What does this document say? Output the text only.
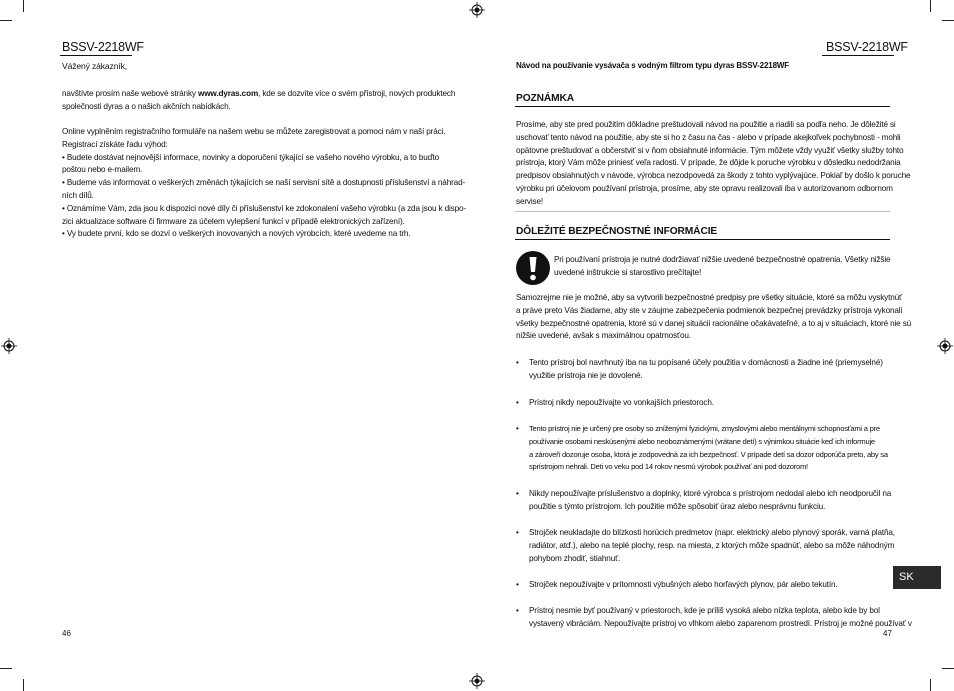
BSSV-2218WF
Vážený zákazník,
navštívte prosím naše webové stránky www.dyras.com, kde se dozvíte více o svém přístroji, nových produktech
společnosti dyras a o našich akčních nabídkách.
Online vyplněním registračního formuláře na našem webu se můžete zaregistrovat a pomoci nám v naší práci.
Registrací získáte řadu výhod:
• Budete dostávat nejnovější informace, novinky a doporučení týkající se vašeho nového výrobku, a to buďto
poštou nebo e-mailem.
• Budeme vás informovat o veškerých změnách týkajících se naší servisní sítě a dostupnosti příslušenství a náhrad-
ních dílů.
• Oznámíme Vám, zda jsou k dispozici nové díly či příslušenství ke zdokonalení vašeho výrobku (a zda jsou k dispo-
zici aktualizace software či firmware za účelem vylepšení funkcí v případě elektronických zařízení).
• Vy budete první, kdo se dozví o veškerých inovovaných a nových výrobcích, které uvedeme na trh.
46
BSSV-2218WF
Návod na používanie vysávača s vodným filtrom typu dyras BSSV-2218WF
POZNÁMKA
Prosíme, aby ste pred použitím dôkladne preštudovali návod na použitie a riadili sa podľa neho. Je dôležité si
uschovať tento návod na použitie, aby ste si ho z času na čas - alebo v prípade akejkoľvek pochybnosti - mohli
opätovne preštudovať a občerstviť si v ňom obsiahnuté informácie. Tým môžete vždy využiť všetky služby tohto
prístroja, ktorý Vám môže priniesť veľa radosti. V prípade, že dôjde k poruche výrobku v dôsledku nedodržania
predpisov obsiahnutých v návode, výrobca nezodpovedá za škody z tohto vyplývajúce. Pokiaľ by došlo k poruche
výrobku pri účelovom používaní prístroja, prosíme, aby ste opravu realizovali iba v autorizovanom odbornom
servise!
DÔLEŽITÉ BEZPEČNOSTNÉ INFORMÁCIE
Pri používaní prístroja je nutné dodržiavať nižšie uvedené bezpečnostné opatrenia. Všetky nižšie
uvedené inštrukcie si starostlivo prečítajte!
Samozrejme nie je možné, aby sa vytvorili bezpečnostné predpisy pre všetky situácie, ktoré sa môžu vyskytnúť
a práve preto Vás žiadame, aby ste v záujme zabezpečenia podmienok bezpečnej prevádzky prístroja vykonali
všetky bezpečnostné opatrenia, ktoré sú v danej situácii racionálne očakávateľné, a to aj v situáciach, ktoré nie sú
nižšie uvedené, avšak s maximálnou opatrnosťou.
• Tento prístroj bol navrhnutý iba na tu popísané účely použitia v domácnosti a žiadne iné (priemyselné)
využitie prístroja nie je dovolené.
• Prístroj nikdy nepoužívajte vo vonkajších priestoroch.
• Tento prístroj nie je určený pre osoby so zníženými fyzickými, zmyslovými alebo mentálnymi schopnosťami a pre
používanie osobami neskúsenými alebo neoboznámenými (vrátane detí) s výnimkou situácie keď ich informuje
a zároveň dozoruje osoba, ktorá je zodpovedná za ich bezpečnosť. V prípade detí sa dozor odporúča preto, aby sa
sprístrojom nehrali. Deti vo veku pod 14 rokov nesmú výrobok používať ani pod dozorom!
• Nikdy nepoužívajte príslušenstvo a doplnky, ktoré výrobca s prístrojom nedodal alebo ich neodporučil na
použitie s týmto prístrojom. Ich použitie môže spôsobiť úraz alebo nesprávnu funkciu.
• Strojček neukladajte do blízkosti horúcich predmetov (napr. elektrický alebo plynový sporák, varná platňa,
radiátor, atď.), alebo na teplé plochy, resp. na miesta, z ktorých môže spadnúť, alebo sa môže náhodným
pohybom zhodiť, stiahnuť.
• Strojček nepoužívajte v prítomnosti výbušných alebo horľavých plynov, pár alebo tekutín.
• Prístroj nesmie byť používaný v priestoroch, kde je príliš vysoká alebo nízka teplota, alebo kde by bol
vystavený vibráciám. Nepoužívajte prístroj vo vlhkom alebo zaparenom prostredí. Prístroj je možné používať v
SK
47
